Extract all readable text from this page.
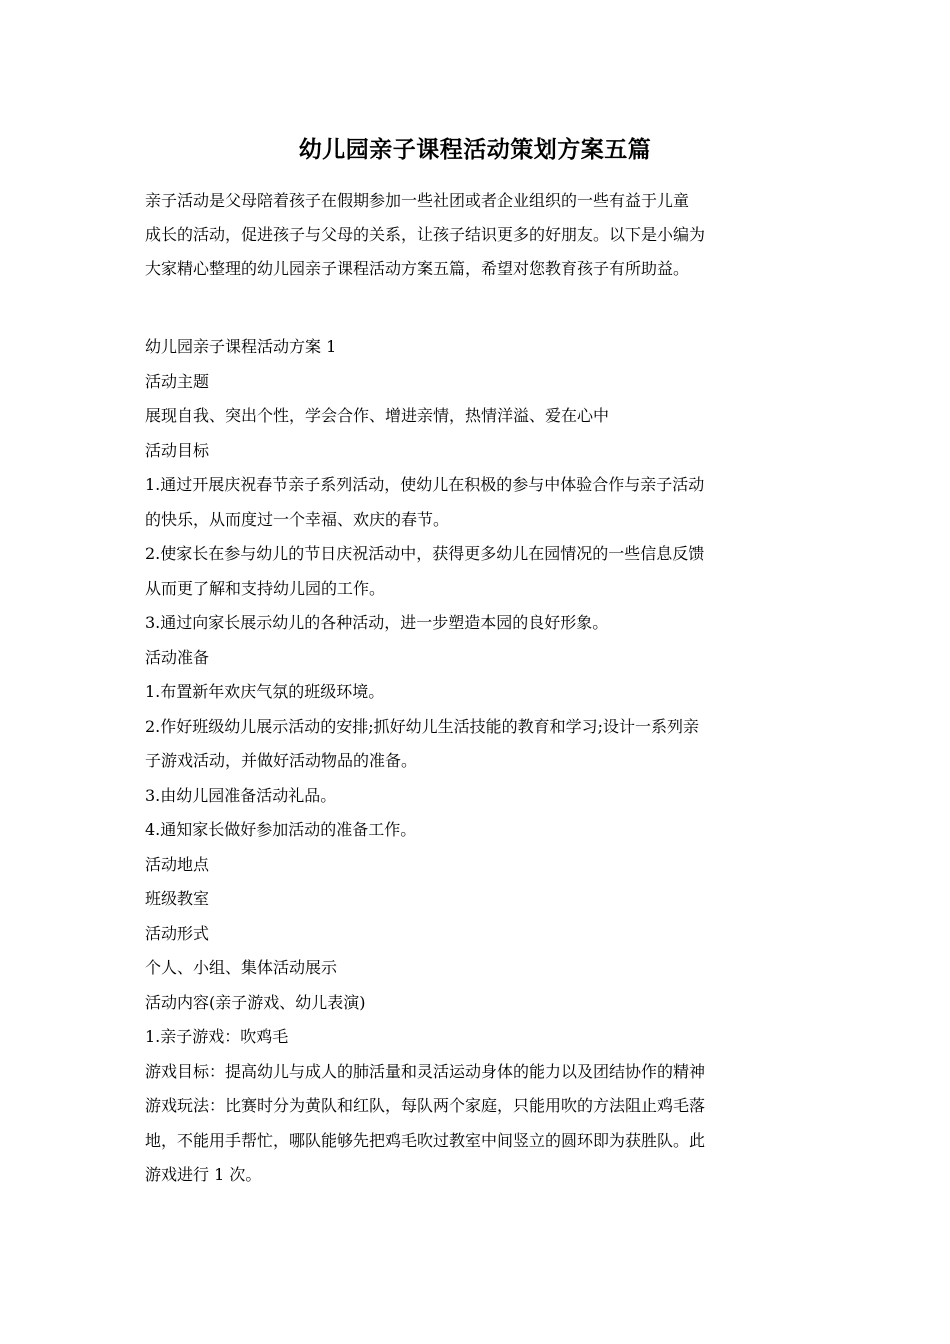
幼儿园亲子课程活动策划方案五篇
亲子活动是父母陪着孩子在假期参加一些社团或者企业组织的一些有益于儿童
成长的活动，促进孩子与父母的关系，让孩子结识更多的好朋友。以下是小编为
大家精心整理的幼儿园亲子课程活动方案五篇，希望对您教育孩子有所助益。
幼儿园亲子课程活动方案 1
活动主题
展现自我、突出个性，学会合作、增进亲情，热情洋溢、爱在心中
活动目标
1.通过开展庆祝春节亲子系列活动，使幼儿在积极的参与中体验合作与亲子活动
的快乐，从而度过一个幸福、欢庆的春节。
2.使家长在参与幼儿的节日庆祝活动中，获得更多幼儿在园情况的一些信息反馈
从而更了解和支持幼儿园的工作。
3.通过向家长展示幼儿的各种活动，进一步塑造本园的良好形象。
活动准备
1.布置新年欢庆气氛的班级环境。
2.作好班级幼儿展示活动的安排;抓好幼儿生活技能的教育和学习;设计一系列亲
子游戏活动，并做好活动物品的准备。
3.由幼儿园准备活动礼品。
4.通知家长做好参加活动的准备工作。
活动地点
班级教室
活动形式
个人、小组、集体活动展示
活动内容(亲子游戏、幼儿表演)
1.亲子游戏：吹鸡毛
游戏目标：提高幼儿与成人的肺活量和灵活运动身体的能力以及团结协作的精神
游戏玩法：比赛时分为黄队和红队，每队两个家庭，只能用吹的方法阻止鸡毛落
地，不能用手帮忙，哪队能够先把鸡毛吹过教室中间竖立的圆环即为获胜队。此
游戏进行 1 次。
